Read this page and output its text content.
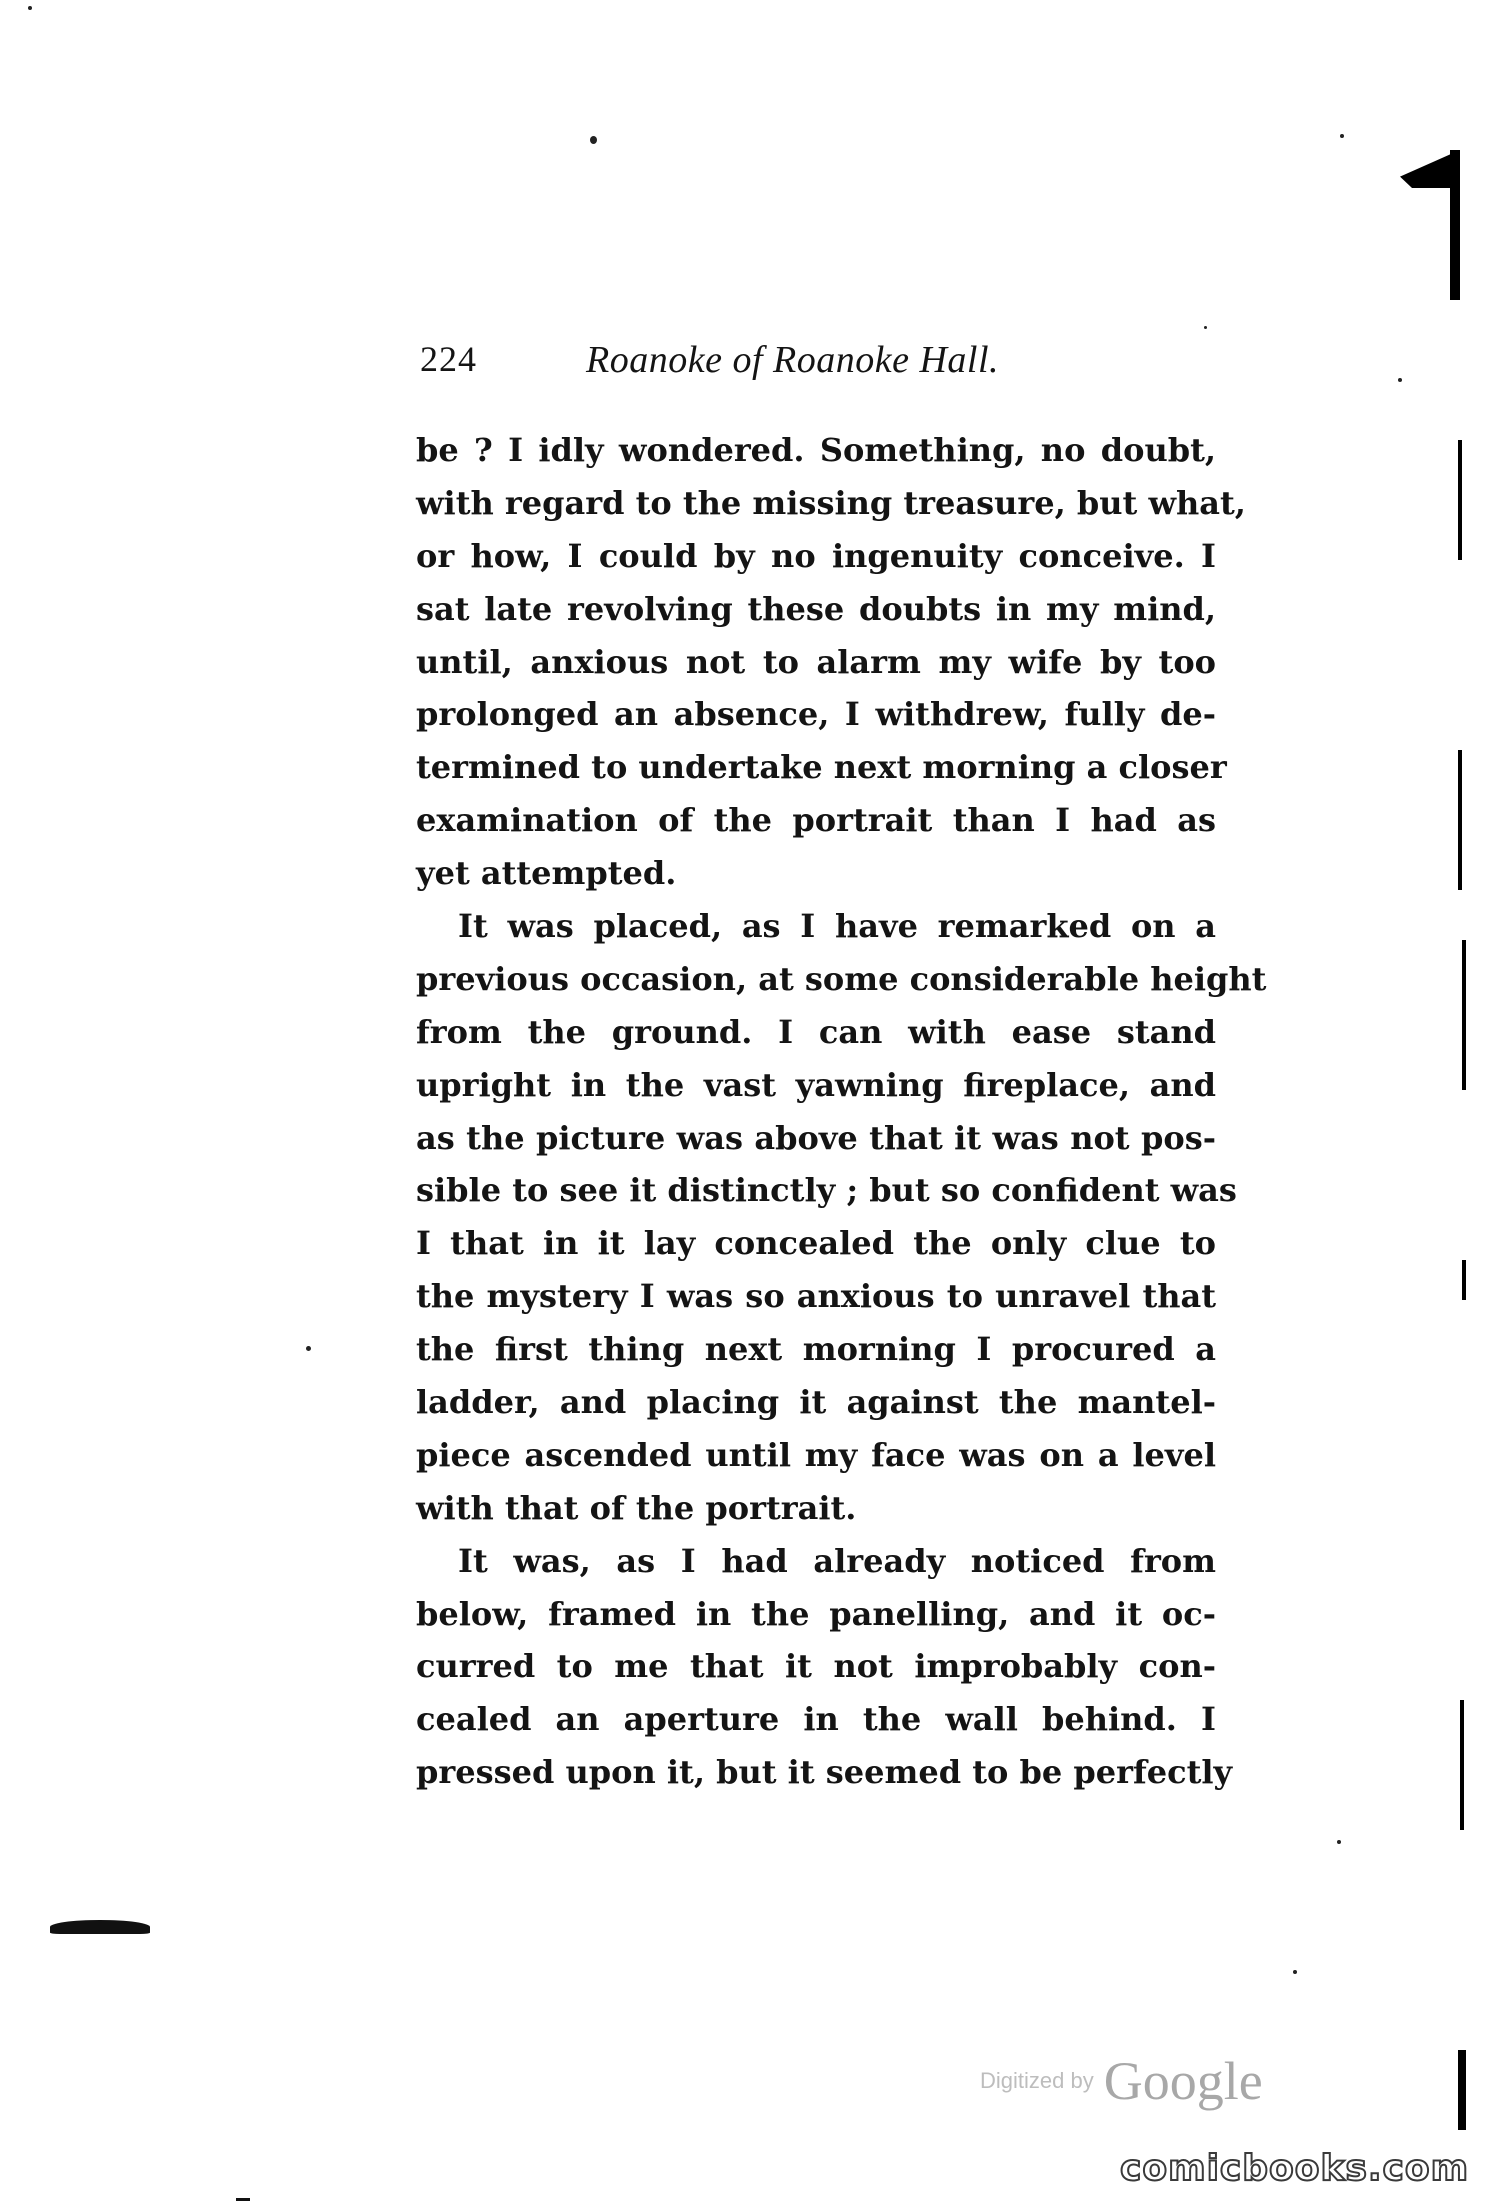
224	Roanoke of Roanoke Hall.
be ? I idly wondered. Something, no doubt,
with regard to the missing treasure, but what,
or how, I could by no ingenuity conceive. I
sat late revolving these doubts in my mind,
until, anxious not to alarm my wife by too
prolonged an absence, I withdrew, fully de-
termined to undertake next morning a closer
examination of the portrait than I had as
yet attempted.
It was placed, as I have remarked on a
previous occasion, at some considerable height
from the ground. I can with ease stand
upright in the vast yawning fireplace, and
as the picture was above that it was not pos-
sible to see it distinctly ; but so confident was
I that in it lay concealed the only clue to
the mystery I was so anxious to unravel that
the first thing next morning I procured a
ladder, and placing it against the mantel-
piece ascended until my face was on a level
with that of the portrait.
It was, as I had already noticed from
below, framed in the panelling, and it oc-
curred to me that it not improbably con-
cealed an aperture in the wall behind. I
pressed upon it, but it seemed to be perfectly
Digitized by Google
comicbooks.com
